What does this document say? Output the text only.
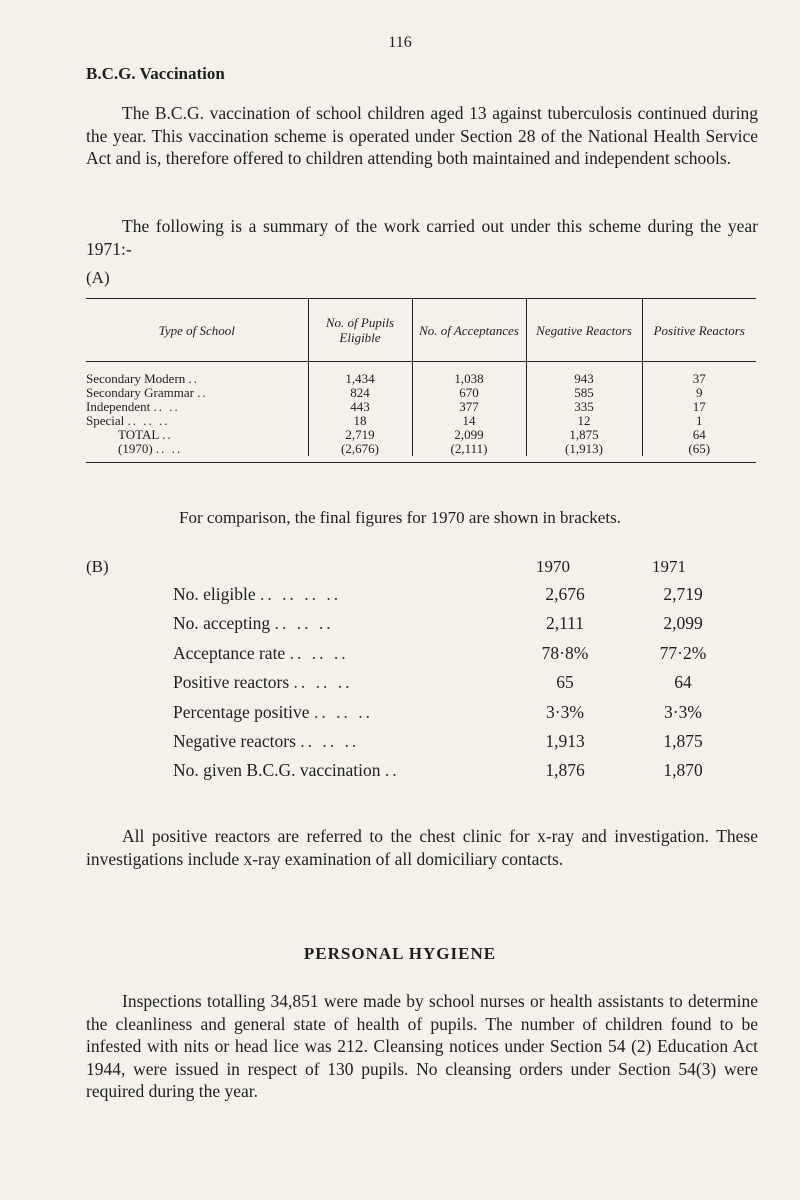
116
B.C.G. Vaccination

The B.C.G. vaccination of school children aged 13 against tuberculosis continued during the year. This vaccination scheme is operated under Section 28 of the National Health Service Act and is, therefore offered to children attending both maintained and independent schools.

The following is a summary of the work carried out under this scheme during the year 1971:-

(A)
Type of School	No. of Pupils Eligible	No. of Acceptances	Negative Reactors	Positive Reactors
Secondary Modern ..	1,434	1,038	943	37
Secondary Grammar ..	824	670	585	9
Independent .. ..	443	377	335	17
Special .. .. ..	18	14	12	1
TOTAL ..	2,719	2,099	1,875	64
(1970) .. ..	(2,676)	(2,111)	(1,913)	(65)
For comparison, the final figures for 1970 are shown in brackets.
(B)	1970	1971
No. eligible .. .. .. ..	2,676	2,719
No. accepting .. .. ..	2,111	2,099
Acceptance rate .. .. ..	78·8%	77·2%
Positive reactors .. .. ..	65	64
Percentage positive .. .. ..	3·3%	3·3%
Negative reactors .. .. ..	1,913	1,875
No. given B.C.G. vaccination ..	1,876	1,870

All positive reactors are referred to the chest clinic for x-ray and investigation. These investigations include x-ray examination of all domiciliary contacts.

PERSONAL HYGIENE

Inspections totalling 34,851 were made by school nurses or health assistants to determine the cleanliness and general state of health of pupils. The number of children found to be infested with nits or head lice was 212. Cleansing notices under Section 54 (2) Education Act 1944, were issued in respect of 130 pupils. No cleansing orders under Section 54(3) were required during the year.
